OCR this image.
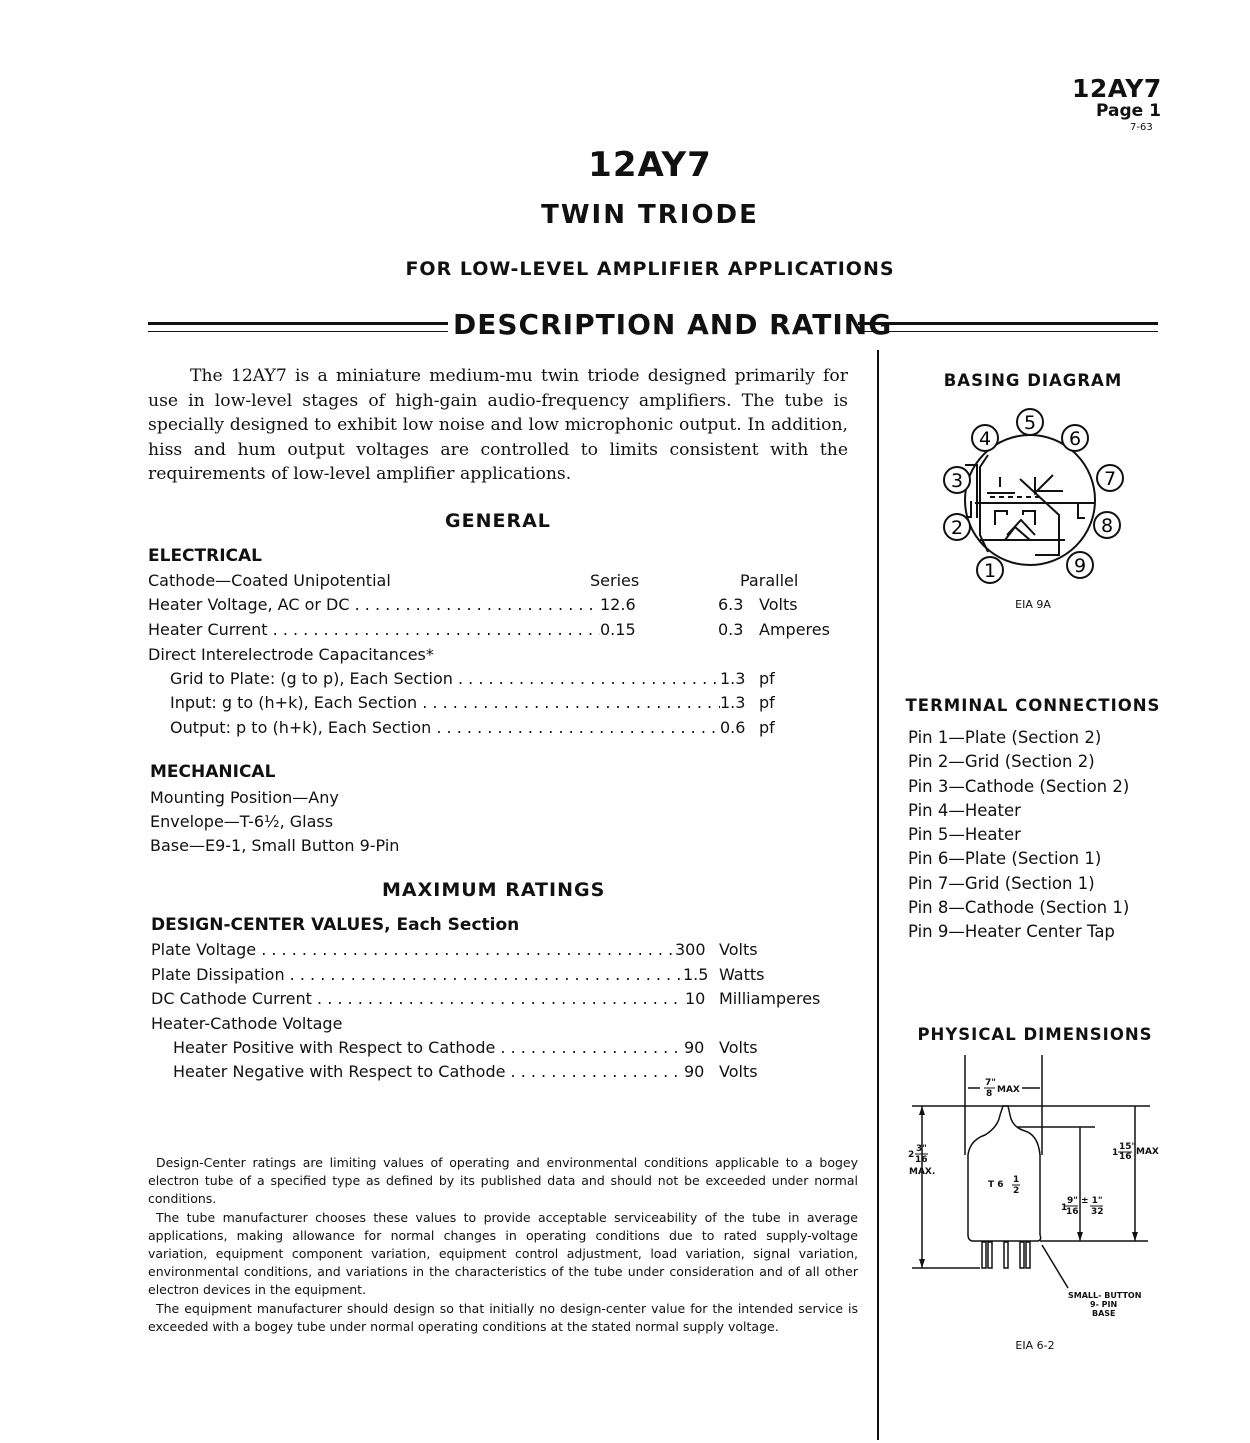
12AY7
Page 1
7-63
12AY7
TWIN TRIODE
FOR LOW-LEVEL AMPLIFIER APPLICATIONS
DESCRIPTION AND RATING
The 12AY7 is a miniature medium-mu twin triode designed primarily for use in low-level stages of high-gain audio-frequency amplifiers. The tube is specially designed to exhibit low noise and low microphonic output. In addition, hiss and hum output voltages are controlled to limits consistent with the requirements of low-level amplifier applications.
GENERAL
ELECTRICAL
Cathode—Coated Unipotential	Series	Parallel
Heater Voltage, AC or DC . . .	12.6	6.3 Volts
Heater Current . . .	0.15	0.3 Amperes
Direct Interelectrode Capacitances*
Grid to Plate: (g to p), Each Section . . .	1.3 pf
Input: g to (h+k), Each Section . . .	1.3 pf
Output: p to (h+k), Each Section . . .	0.6 pf
MECHANICAL
Mounting Position—Any
Envelope—T-6½, Glass
Base—E9-1, Small Button 9-Pin
MAXIMUM RATINGS
DESIGN-CENTER VALUES, Each Section
Plate Voltage . . .	300 Volts
Plate Dissipation . . .	1.5 Watts
DC Cathode Current . . .	10 Milliamperes
Heater-Cathode Voltage
Heater Positive with Respect to Cathode . . .	90 Volts
Heater Negative with Respect to Cathode . . .	90 Volts

Design-Center ratings are limiting values of operating and environmental conditions applicable to a bogey electron tube of a specified type as defined by its published data and should not be exceeded under normal conditions.

The tube manufacturer chooses these values to provide acceptable serviceability of the tube in average applications, making allowance for normal changes in operating conditions due to rated supply-voltage variation, equipment component variation, equipment control adjustment, load variation, signal variation, environmental conditions, and variations in the characteristics of the tube under consideration and of all other electron devices in the equipment.

The equipment manufacturer should design so that initially no design-center value for the intended service is exceeded with a bogey tube under normal operating conditions at the stated normal supply voltage.

BASING DIAGRAM
1
2
3
4
5
6
7
8
9
EIA 9A
TERMINAL CONNECTIONS
Pin 1—Plate (Section 2)
Pin 2—Grid (Section 2)
Pin 3—Cathode (Section 2)
Pin 4—Heater
Pin 5—Heater
Pin 6—Plate (Section 1)
Pin 7—Grid (Section 1)
Pin 8—Cathode (Section 1)
Pin 9—Heater Center Tap
PHYSICAL DIMENSIONS
7"
8 MAX
2
3"
16
MAX.
1
15"
16 MAX
1
9"
16
± 1"
32
T 6 1
2
SMALL- BUTTON
9- PIN
BASE
EIA 6-2
